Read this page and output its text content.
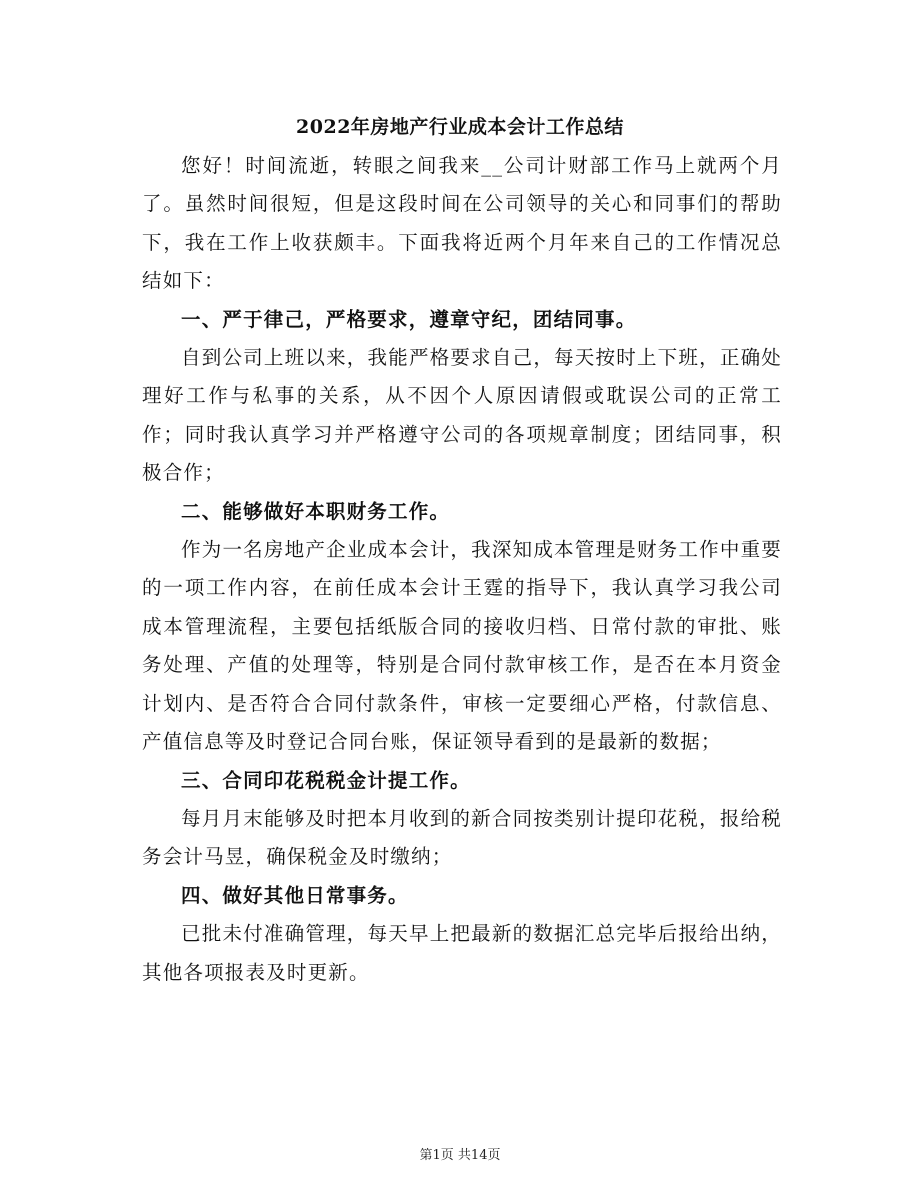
2022年房地产行业成本会计工作总结

您好！时间流逝，转眼之间我来__公司计财部工作马上就两个月了。虽然时间很短，但是这段时间在公司领导的关心和同事们的帮助下，我在工作上收获颇丰。下面我将近两个月年来自己的工作情况总结如下：

一、严于律己，严格要求，遵章守纪，团结同事。

自到公司上班以来，我能严格要求自己，每天按时上下班，正确处理好工作与私事的关系，从不因个人原因请假或耽误公司的正常工作；同时我认真学习并严格遵守公司的各项规章制度；团结同事，积极合作；

二、能够做好本职财务工作。

作为一名房地产企业成本会计，我深知成本管理是财务工作中重要的一项工作内容，在前任成本会计王霆的指导下，我认真学习我公司成本管理流程，主要包括纸版合同的接收归档、日常付款的审批、账务处理、产值的处理等，特别是合同付款审核工作，是否在本月资金计划内、是否符合合同付款条件，审核一定要细心严格，付款信息、产值信息等及时登记合同台账，保证领导看到的是最新的数据；

三、合同印花税税金计提工作。

每月月末能够及时把本月收到的新合同按类别计提印花税，报给税务会计马昱，确保税金及时缴纳；

四、做好其他日常事务。

已批未付准确管理，每天早上把最新的数据汇总完毕后报给出纳，其他各项报表及时更新。

第1页 共14页
